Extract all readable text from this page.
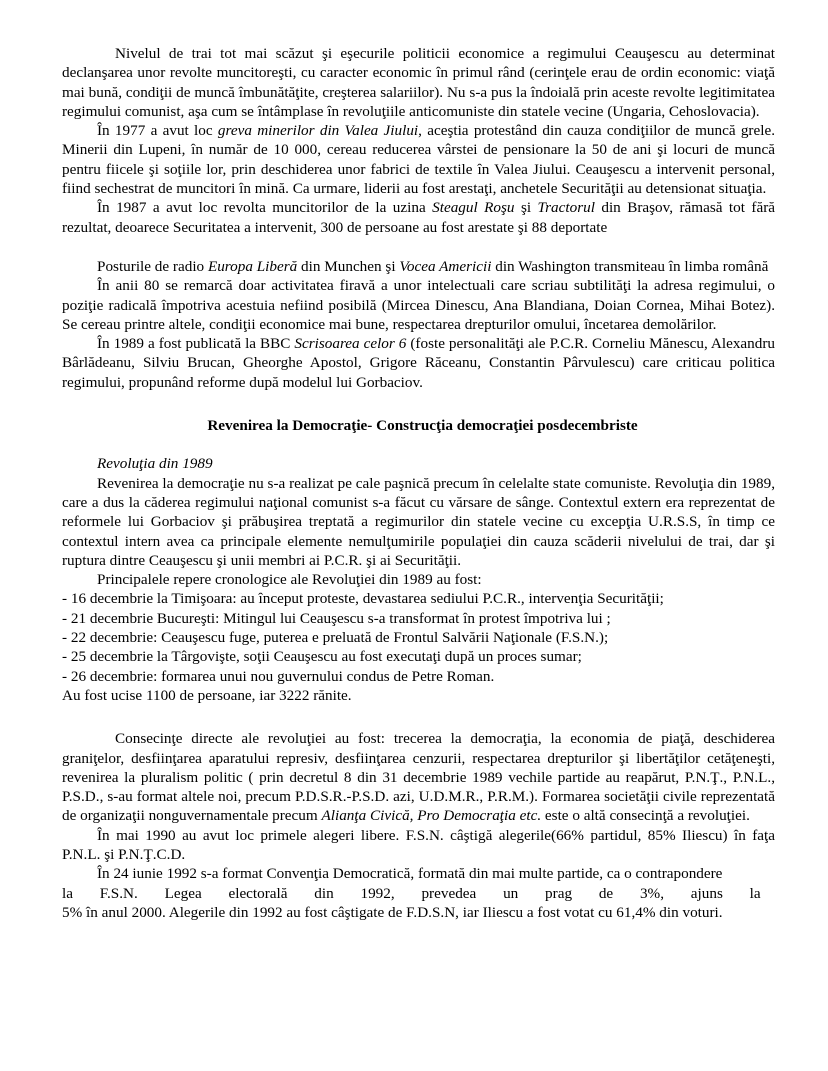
Nivelul de trai tot mai scăzut şi eşecurile politicii economice a regimului Ceauşescu au determinat declanşarea unor revolte muncitoreşti, cu caracter economic în primul rând (cerinţele erau de ordin economic: viaţă mai bună, condiţii de muncă îmbunătăţite, creşterea salariilor). Nu s-a pus la îndoială prin aceste revolte legitimitatea regimului comunist, aşa cum se întâmplase în revoluţiile anticomuniste din statele vecine (Ungaria, Cehoslovacia).

În 1977 a avut loc greva minerilor din Valea Jiului, aceştia protestând din cauza condiţiilor de muncă grele. Minerii din Lupeni, în număr de 10 000, cereau reducerea vârstei de pensionare la 50 de ani şi locuri de muncă pentru fiicele şi soţiile lor, prin deschiderea unor fabrici de textile în Valea Jiului. Ceauşescu a intervenit personal, fiind sechestrat de muncitori în mină. Ca urmare, liderii au fost arestaţi, anchetele Securităţii au detensionat situaţia.

În 1987 a avut loc revolta muncitorilor de la uzina Steagul Roşu şi Tractorul din Braşov, rămasă tot fără rezultat, deoarece Securitatea a intervenit, 300 de persoane au fost arestate şi 88 deportate

Posturile de radio Europa Liberă din Munchen şi Vocea Americii din Washington transmiteau în limba română

În anii 80 se remarcă doar activitatea firavă a unor intelectuali care scriau subtilităţi la adresa regimului, o poziţie radicală împotriva acestuia nefiind posibilă (Mircea Dinescu, Ana Blandiana, Doian Cornea, Mihai Botez). Se cereau printre altele, condiţii economice mai bune, respectarea drepturilor omului, încetarea demolărilor.

În 1989 a fost publicată la BBC Scrisoarea celor 6 (foste personalităţi ale P.C.R. Corneliu Mănescu, Alexandru Bârlădeanu, Silviu Brucan, Gheorghe Apostol, Grigore Răceanu, Constantin Pârvulescu) care criticau politica regimului, propunând reforme după modelul lui Gorbaciov.

Revenirea la Democraţie- Construcţia democraţiei posdecembriste
Revoluţia din 1989

Revenirea la democraţie nu s-a realizat pe cale paşnică precum în celelalte state comuniste. Revoluţia din 1989, care a dus la căderea regimului naţional comunist s-a făcut cu vărsare de sânge. Contextul extern era reprezentat de reformele lui Gorbaciov şi prăbuşirea treptată a regimurilor din statele vecine cu excepţia U.R.S.S, în timp ce contextul intern avea ca principale elemente nemulţumirile populaţiei din cauza scăderii nivelului de trai, dar şi ruptura dintre Ceauşescu şi unii membri ai P.C.R. şi ai Securităţii.

Principalele repere cronologice ale Revoluţiei din 1989 au fost:

- 16 decembrie la Timişoara: au început proteste, devastarea sediului P.C.R., intervenţia Securităţii;

- 21 decembrie Bucureşti: Mitingul lui Ceauşescu s-a transformat în protest împotriva lui ;

- 22 decembrie: Ceauşescu fuge, puterea e preluată de Frontul Salvării Naţionale (F.S.N.);

- 25 decembrie la Târgovişte, soţii Ceauşescu au fost executaţi după un proces sumar;

- 26 decembrie: formarea unui nou guvernului condus de Petre Roman.

Au fost ucise 1100 de persoane, iar 3222 rănite.

Consecinţe directe ale revoluţiei au fost: trecerea la democraţia, la economia de piaţă, deschiderea graniţelor, desfiinţarea aparatului represiv, desfiinţarea cenzurii, respectarea drepturilor şi libertăţilor cetăţeneşti, revenirea la pluralism politic ( prin decretul 8 din 31 decembrie 1989 vechile partide au reapărut, P.N.Ţ., P.N.L., P.S.D., s-au format altele noi, precum P.D.S.R.-P.S.D. azi, U.D.M.R., P.R.M.). Formarea societăţii civile reprezentată de organizaţii nonguvernamentale precum Alianţa Civică, Pro Democraţia etc. este o altă consecinţă a revoluţiei.

În mai 1990 au avut loc primele alegeri libere. F.S.N. câştigă alegerile(66% partidul, 85% Iliescu) în faţa P.N.L. şi P.N.Ţ.C.D.

În 24 iunie 1992 s-a format Convenţia Democratică, formată din mai multe partide, ca o contrapondere

la F.S.N. Legea electorală din 1992, prevedea un prag de 3%, ajuns la

5% în anul 2000. Alegerile din 1992 au fost câştigate de F.D.S.N, iar Iliescu a fost votat cu 61,4% din voturi.
